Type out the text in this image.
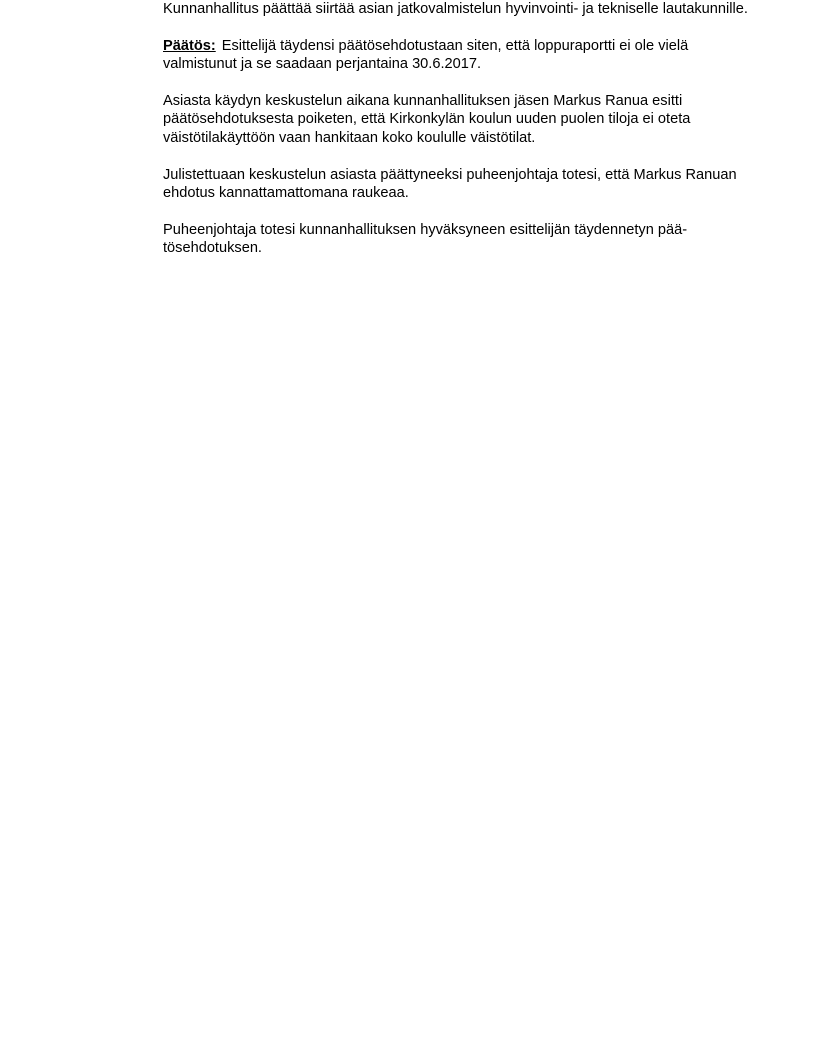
Kunnanhallitus päättää siirtää asian jatkovalmistelun hyvinvointi- ja tekniselle lautakunnille.

Päätös: Esittelijä täydensi päätösehdotustaan siten, että loppuraportti ei ole vielä valmistunut ja se saadaan perjantaina 30.6.2017.

Asiasta käydyn keskustelun aikana kunnanhallituksen jäsen Markus Ranua esitti päätösehdotuksesta poiketen, että Kirkonkylän koulun uuden puolen tiloja ei oteta väistötilakäyttöön vaan hankitaan koko koululle väistötilat.

Julistettuaan keskustelun asiasta päättyneeksi puheenjohtaja totesi, että Markus Ranuan ehdotus kannattamattomana raukeaa.

Puheenjohtaja totesi kunnanhallituksen hyväksyneen esittelijän täydennetyn pää-tösehdotuksen.
